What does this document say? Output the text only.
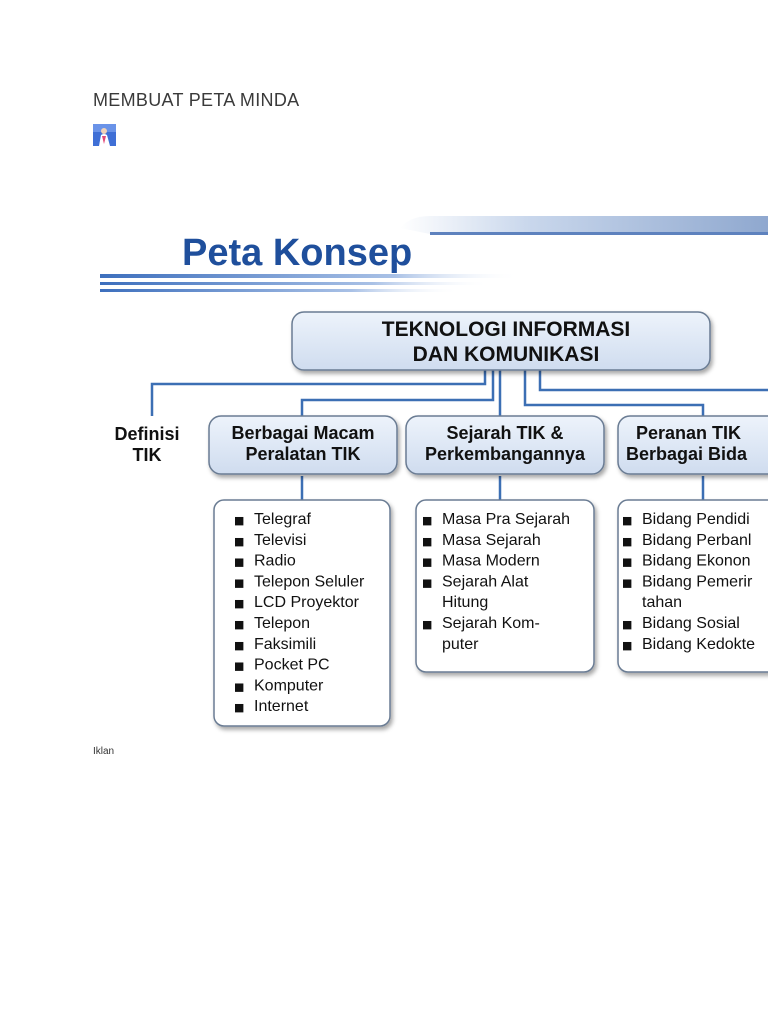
MEMBUAT PETA MINDA
Peta Konsep
TEKNOLOGI INFORMASI
DAN KOMUNIKASI
Definisi
TIK
Berbagai Macam
Peralatan TIK
Sejarah TIK &
Perkembangannya
Peranan TIK
Berbagai Bida
■ Telegraf
■ Televisi
■ Radio
■ Telepon Seluler
■ LCD Proyektor
■ Telepon
■ Faksimili
■ Pocket PC
■ Komputer
■ Internet
■ Masa Pra Sejarah
■ Masa Sejarah
■ Masa Modern
■ Sejarah Alat
Hitung
■ Sejarah Kom-
puter
■ Bidang Pendidi
■ Bidang Perbanl
■ Bidang Ekonon
■ Bidang Pemerir
tahan
■ Bidang Sosial
■ Bidang Kedokte
Iklan
